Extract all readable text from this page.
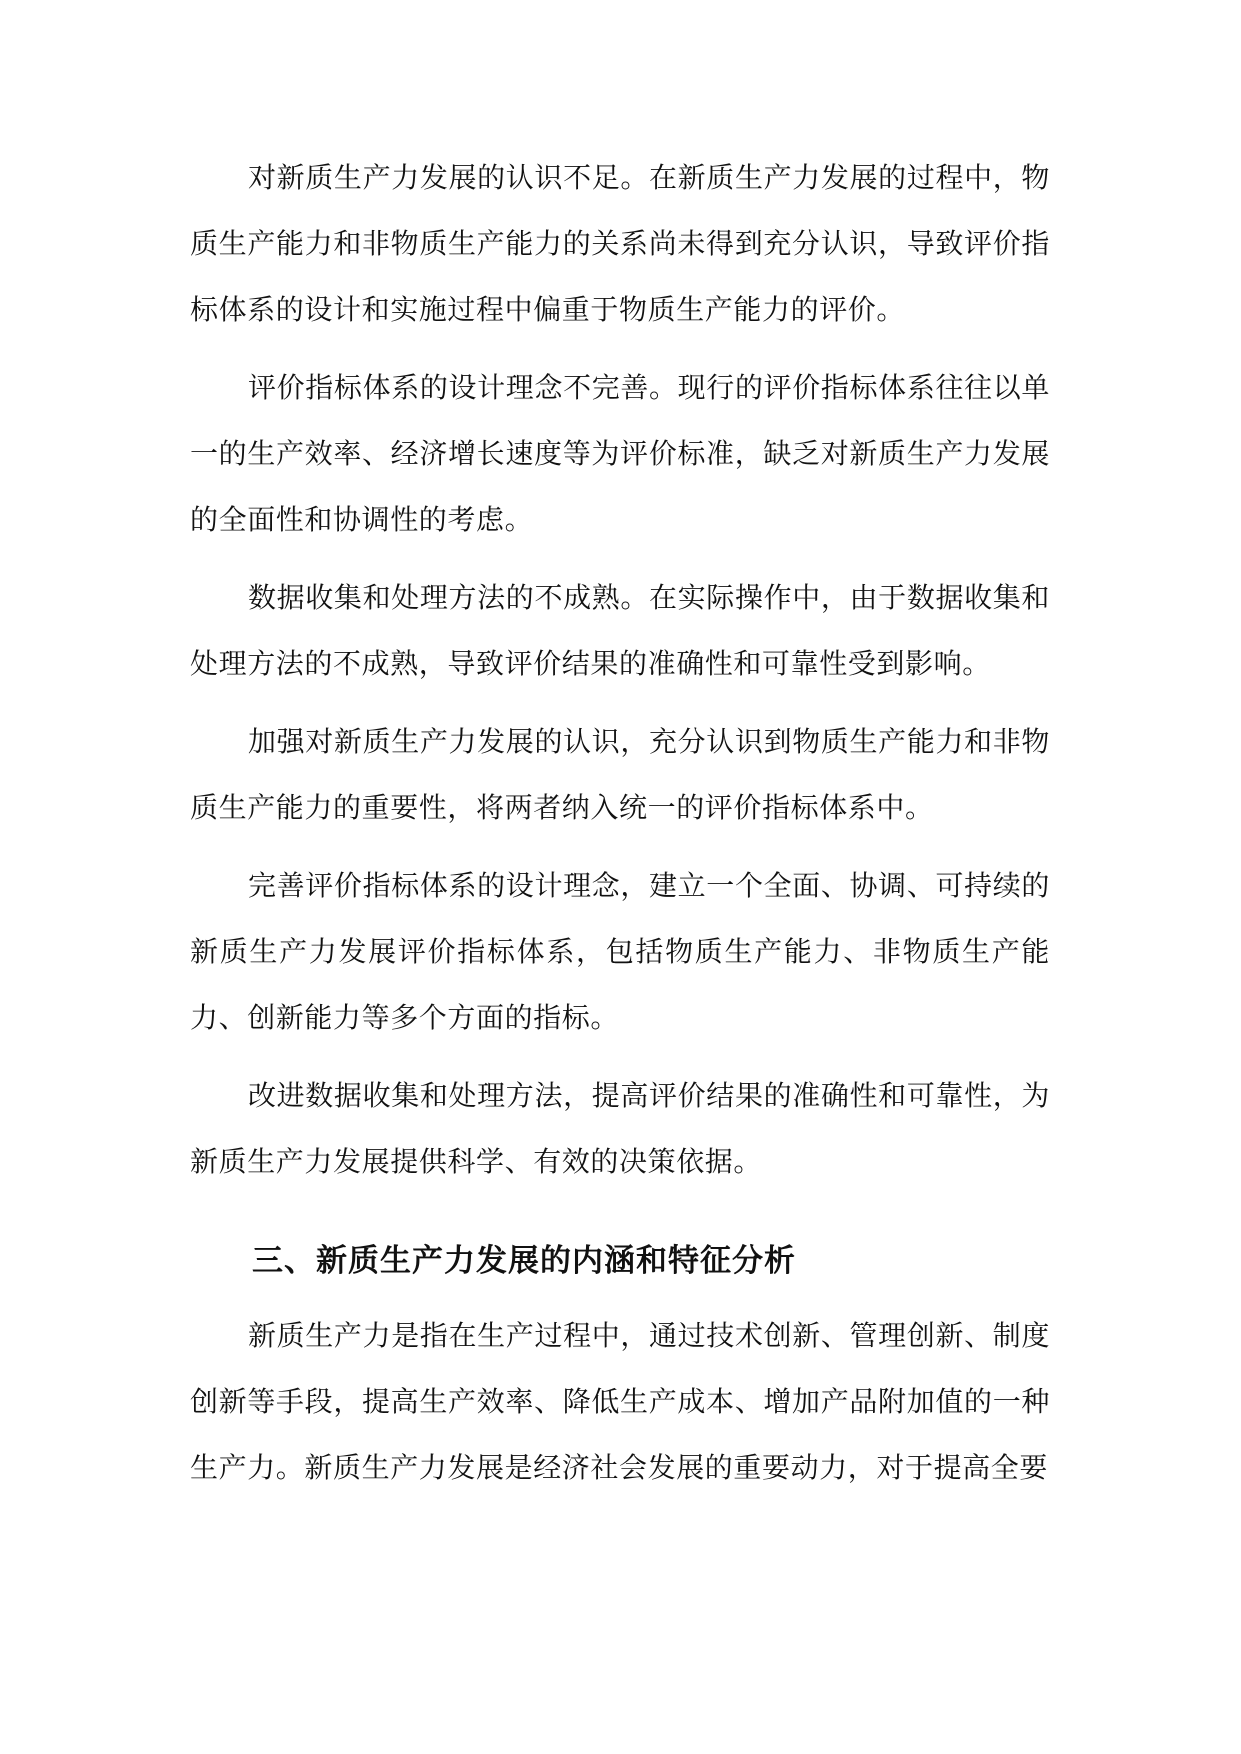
对新质生产力发展的认识不足。在新质生产力发展的过程中，物质生产能力和非物质生产能力的关系尚未得到充分认识，导致评价指标体系的设计和实施过程中偏重于物质生产能力的评价。

评价指标体系的设计理念不完善。现行的评价指标体系往往以单一的生产效率、经济增长速度等为评价标准，缺乏对新质生产力发展的全面性和协调性的考虑。

数据收集和处理方法的不成熟。在实际操作中，由于数据收集和处理方法的不成熟，导致评价结果的准确性和可靠性受到影响。

加强对新质生产力发展的认识，充分认识到物质生产能力和非物质生产能力的重要性，将两者纳入统一的评价指标体系中。

完善评价指标体系的设计理念，建立一个全面、协调、可持续的新质生产力发展评价指标体系，包括物质生产能力、非物质生产能力、创新能力等多个方面的指标。

改进数据收集和处理方法，提高评价结果的准确性和可靠性，为新质生产力发展提供科学、有效的决策依据。

三、新质生产力发展的内涵和特征分析

新质生产力是指在生产过程中，通过技术创新、管理创新、制度创新等手段，提高生产效率、降低生产成本、增加产品附加值的一种生产力。新质生产力发展是经济社会发展的重要动力，对于提高全要
